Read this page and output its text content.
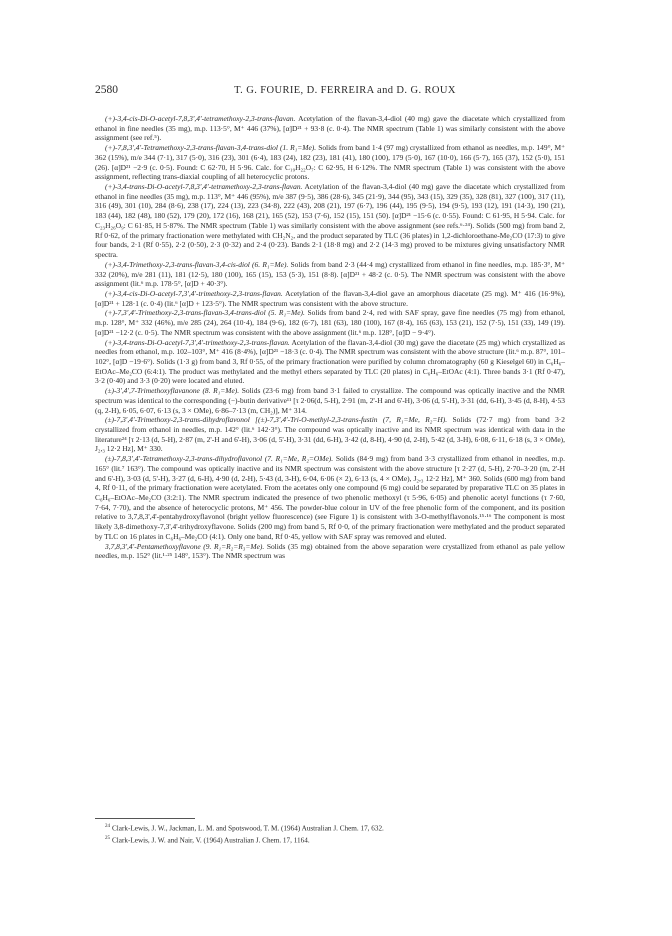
2580	T. G. FOURIE, D. FERREIRA and D. G. ROUX

(+)-3,4-cis-Di-O-acetyl-7,8,3',4'-tetramethoxy-2,3-trans-flavan. Acetylation of the flavan-3,4-diol (40 mg) gave the diacetate which crystallized from ethanol in fine needles (35 mg), m.p. 113·5°, M⁺ 446 (37%), [α]D²¹ + 93·8 (c. 0·4). The NMR spectrum (Table 1) was similarly consistent with the above assignment (see ref.⁵).

(+)-7,8,3',4'-Tetramethoxy-2,3-trans-flavan-3,4-trans-diol (1. R₁=Me). Solids from band 1·4 (97 mg) crystallized from ethanol as needles, m.p. 149°, M⁺ 362 (15%), m/e 344 (7·1), 317 (5·0), 316 (23), 301 (6·4), 183 (24), 182 (23), 181 (41), 180 (100), 179 (5·0), 167 (10·0), 166 (5·7), 165 (37), 152 (5·0), 151 (26). [α]D²¹ −2·9 (c. 0·5). Found: C 62·70, H 5·96. Calc. for C₁₉H₂₂O₇: C 62·95, H 6·12%. The NMR spectrum (Table 1) was consistent with the above assignment, reflecting trans-diaxial coupling of all heterocyclic protons.

(+)-3,4-trans-Di-O-acetyl-7,8,3',4'-tetramethoxy-2,3-trans-flavan. Acetylation of the flavan-3,4-diol (40 mg) gave the diacetate which crystallized from ethanol in fine needles (35 mg), m.p. 113°, M⁺ 446 (95%), m/e 387 (9·5), 386 (28·6), 345 (21·9), 344 (95), 343 (15), 329 (35), 328 (81), 327 (100), 317 (11), 316 (49), 301 (10), 284 (8·6), 238 (17), 224 (13), 223 (34·8), 222 (43), 208 (21), 197 (6·7), 196 (44), 195 (9·5), 194 (9·5), 193 (12), 191 (14·3), 190 (21), 183 (44), 182 (48), 180 (52), 179 (20), 172 (16), 168 (21), 165 (52), 153 (7·6), 152 (15), 151 (50). [α]D²¹ −15·6 (c. 0·55). Found: C 61·95, H 5·94. Calc. for C₂₃H₂₆O₉: C 61·85, H 5·87%. The NMR spectrum (Table 1) was similarly consistent with the above assignment (see refs.⁶·²⁴). Solids (500 mg) from band 2, Rf 0·62, of the primary fractionation were methylated with CH₂N₂, and the product separated by TLC (36 plates) in 1,2-dichloroethane-Me₂CO (17:3) to give four bands, 2·1 (Rf 0·55), 2·2 (0·50), 2·3 (0·32) and 2·4 (0·23). Bands 2·1 (18·8 mg) and 2·2 (14·3 mg) proved to be mixtures giving unsatisfactory NMR spectra.

(+)-3,4-Trimethoxy-2,3-trans-flavan-3,4-cis-diol (6. R₁=Me). Solids from band 2·3 (44·4 mg) crystallized from ethanol in fine needles, m.p. 185·3°, M⁺ 332 (20%), m/e 281 (11), 181 (12·5), 180 (100), 165 (15), 153 (5·3), 151 (8·8). [α]D²¹ + 48·2 (c. 0·5). The NMR spectrum was consistent with the above assignment (lit.⁶ m.p. 178·5°, [α]D + 40·3°).

(+)-3,4-cis-Di-O-acetyl-7,3',4'-trimethoxy-2,3-trans-flavan. Acetylation of the flavan-3,4-diol gave an amorphous diacetate (25 mg). M⁺ 416 (16·9%), [α]D²¹ + 128·1 (c. 0·4) (lit.⁶ [α]D + 123·5°). The NMR spectrum was consistent with the above structure.

(+)-7,3',4'-Trimethoxy-2,3-trans-flavan-3,4-trans-diol (5. R₁=Me). Solids from band 2·4, red with SAF spray, gave fine needles (75 mg) from ethanol, m.p. 128°, M⁺ 332 (46%), m/e 285 (24), 264 (10·4), 184 (9·6), 182 (6·7), 181 (63), 180 (100), 167 (8·4), 165 (63), 153 (21), 152 (7·5), 151 (33), 149 (19). [α]D²¹ −12·2 (c. 0·5). The NMR spectrum was consistent with the above assignment (lit.⁶ m.p. 128°, [α]D − 9·4°).

(+)-3,4-trans-Di-O-acetyl-7,3',4'-trimethoxy-2,3-trans-flavan. Acetylation of the flavan-3,4-diol (30 mg) gave the diacetate (25 mg) which crystallized as needles from ethanol, m.p. 102–103°, M⁺ 416 (8·4%), [α]D²¹ −18·3 (c. 0·4). The NMR spectrum was consistent with the above structure (lit.⁶ m.p. 87°, 101–102°, [α]D −19·6°). Solids (1·3 g) from band 3, Rf 0·55, of the primary fractionation were purified by column chromatography (60 g Kieselgel 60) in C₆H₆–EtOAc–Me₂CO (6:4:1). The product was methylated and the methyl ethers separated by TLC (20 plates) in C₆H₆–EtOAc (4:1). Three bands 3·1 (Rf 0·47), 3·2 (0·40) and 3·3 (0·20) were located and eluted.

(±)-3',4',7-Trimethoxyflavanone (8. R₁=Me). Solids (23·6 mg) from band 3·1 failed to crystallize. The compound was optically inactive and the NMR spectrum was identical to the corresponding (−)-butin derivative¹¹ [τ 2·06(d, 5-H), 2·91 (m, 2'-H and 6'-H), 3·06 (d, 5'-H), 3·31 (dd, 6-H), 3·45 (d, 8-H), 4·53 (q, 2-H), 6·05, 6·07, 6·13 (s, 3 × OMe), 6·86–7·13 (m, CH₂)], M⁺ 314.

(±)-7,3',4'-Trimethoxy-2,3-trans-dihydroflavonol [(±)-7,3',4'-Tri-O-methyl-2,3-trans-fustin (7, R₁=Me, R₂=H). Solids (72·7 mg) from band 3·2 crystallized from ethanol in needles, m.p. 142° (lit.⁶ 142·3°). The compound was optically inactive and its NMR spectrum was identical with data in the literature²⁴ [τ 2·13 (d, 5-H), 2·87 (m, 2'-H and 6'-H), 3·06 (d, 5'-H), 3·31 (dd, 6-H), 3·42 (d, 8-H), 4·90 (d, 2-H), 5·42 (d, 3-H), 6·08, 6·11, 6·18 (s, 3 × OMe), J₂,₃ 12·2 Hz], M⁺ 330.

(±)-7,8,3',4'-Tetramethoxy-2,3-trans-dihydroflavonol (7. R₁=Me, R₂=OMe). Solids (84·9 mg) from band 3·3 crystallized from ethanol in needles, m.p. 165° (lit.⁷ 163°). The compound was optically inactive and its NMR spectrum was consistent with the above structure [τ 2·27 (d, 5-H), 2·70–3·20 (m, 2'-H and 6'-H), 3·03 (d, 5'-H), 3·27 (d, 6-H), 4·90 (d, 2-H), 5·43 (d, 3-H), 6·04, 6·06 (× 2), 6·13 (s, 4 × OMe), J₂,₃ 12·2 Hz], M⁺ 360. Solids (600 mg) from band 4, Rf 0·11, of the primary fractionation were acetylated. From the acetates only one compound (6 mg) could be separated by preparative TLC on 35 plates in C₆H₆–EtOAc–Me₂CO (3:2:1). The NMR spectrum indicated the presence of two phenolic methoxyl (τ 5·96, 6·05) and phenolic acetyl functions (τ 7·60, 7·64, 7·70), and the absence of heterocyclic protons, M⁺ 456. The powder-blue colour in UV of the free phenolic form of the component, and its position relative to 3,7,8,3',4'-pentahydroxyflavonol (bright yellow fluorescence) (see Figure 1) is consistent with 3-O-methylflavonols.¹⁵·¹⁶ The component is most likely 3,8-dimethoxy-7,3',4'-trihydroxyflavone. Solids (200 mg) from band 5, Rf 0·0, of the primary fractionation were methylated and the product separated by TLC on 16 plates in C₆H₆–Me₂CO (4:1). Only one band, Rf 0·45, yellow with SAF spray was removed and eluted.

3,7,8,3',4'-Pentamethoxyflavone (9. R₁=R₂=R₃=Me). Solids (35 mg) obtained from the above separation were crystallized from ethanol as pale yellow needles, m.p. 152° (lit.¹·²⁵ 148°, 153°). The NMR spectrum was

$^{24}$ Clark-Lewis, J. W., Jackman, L. M. and Spotswood, T. M. (1964) Australian J. Chem. 17, 632.

$^{25}$ Clark-Lewis, J. W. and Nair, V. (1964) Australian J. Chem. 17, 1164.
